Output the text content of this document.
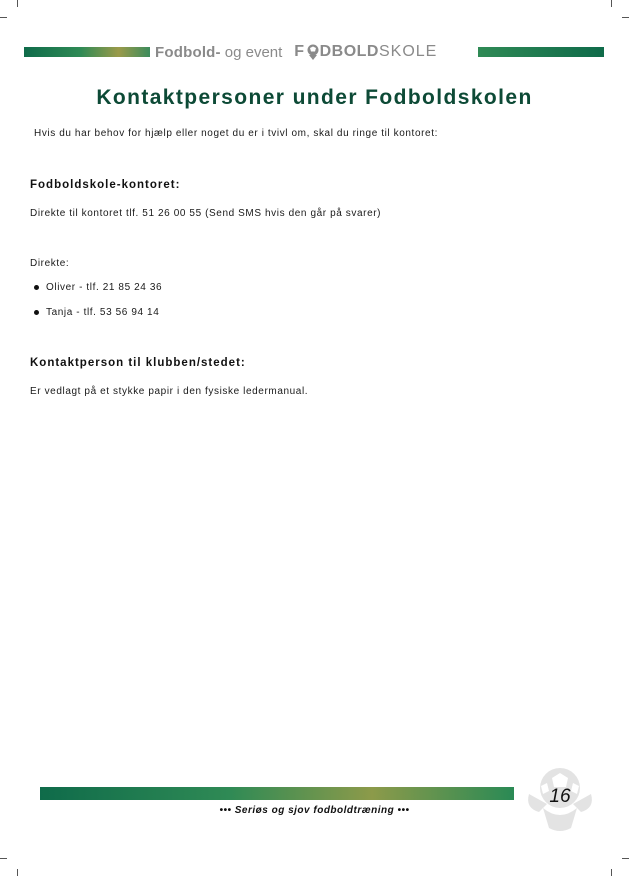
Fodbold- og event F DBOLD SKOLE
Kontaktpersoner under Fodboldskolen
Hvis du har behov for hjælp eller noget du er i tvivl om, skal du ringe til kontoret:
Fodboldskole-kontoret:
Direkte til kontoret tlf. 51 26 00 55 (Send SMS hvis den går på svarer)
Direkte:
Oliver - tlf. 21 85 24 36
Tanja - tlf. 53 56 94 14
Kontaktperson til klubben/stedet:
Er vedlagt på et stykke papir i den fysiske ledermanual.
••• Seriøs og sjov fodboldtræning •••
16
